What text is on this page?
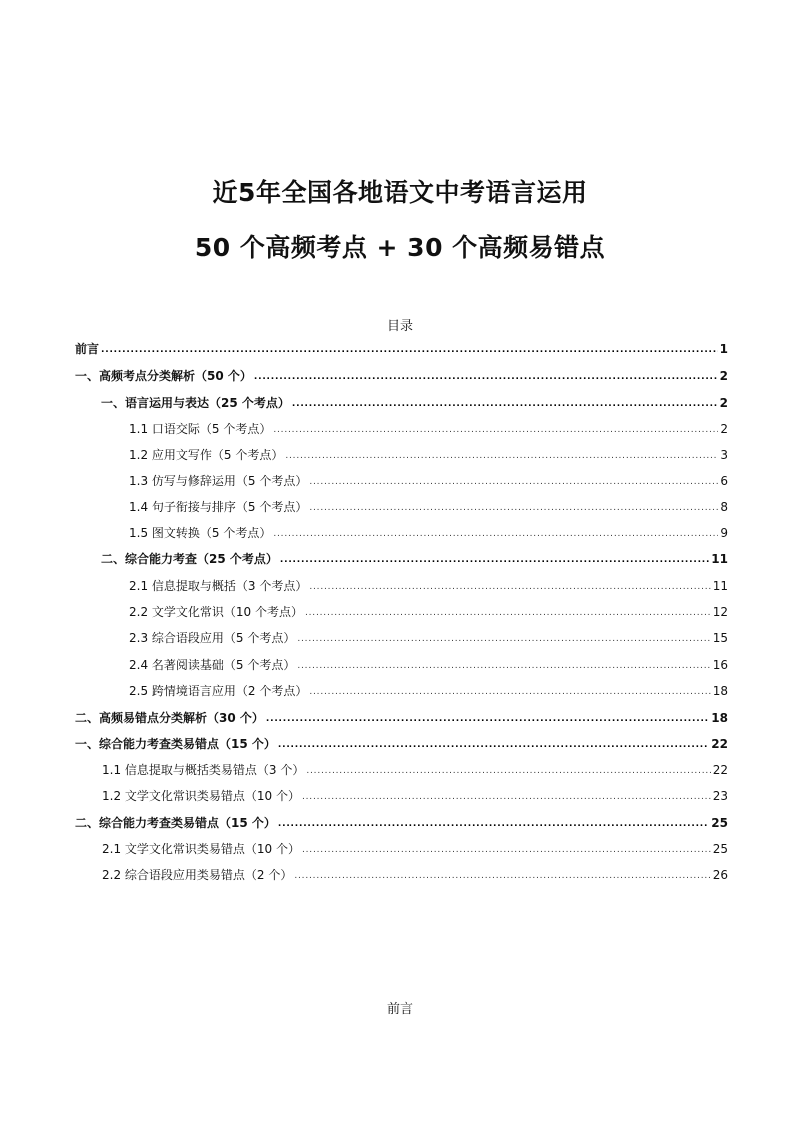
近5年全国各地语文中考语言运用
50 个高频考点 + 30 个高频易错点
目录
前言 .....	1
一、高频考点分类解析（50 个） .....	2
一、语言运用与表达（25 个考点） .....	2
1.1 口语交际（5 个考点） .....	2
1.2 应用文写作（5 个考点） .....	3
1.3 仿写与修辞运用（5 个考点） .....	6
1.4 句子衔接与排序（5 个考点） .....	8
1.5 图文转换（5 个考点） .....	9
二、综合能力考查（25 个考点） .....	11
2.1 信息提取与概括（3 个考点） .....	11
2.2 文学文化常识（10 个考点） .....	12
2.3 综合语段应用（5 个考点） .....	15
2.4 名著阅读基础（5 个考点） .....	16
2.5 跨情境语言应用（2 个考点） .....	18
二、高频易错点分类解析（30 个） .....	18
一、综合能力考查类易错点（15 个） .....	22
1.1 信息提取与概括类易错点（3 个） .....	22
1.2 文学文化常识类易错点（10 个） .....	23
二、综合能力考查类易错点（15 个） .....	25
2.1 文学文化常识类易错点（10 个） .....	25
2.2 综合语段应用类易错点（2 个） .....	26
前言
